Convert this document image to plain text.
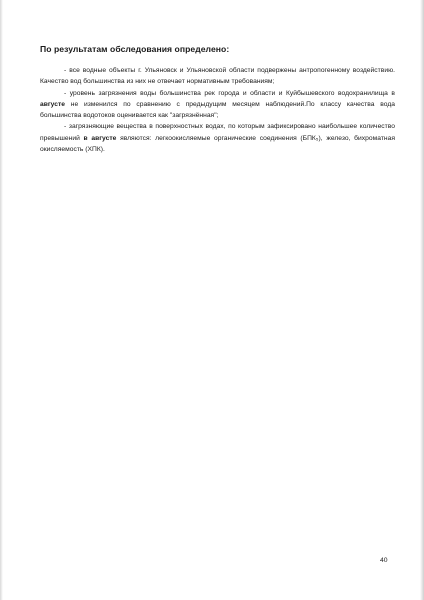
По результатам обследования определено:

- все водные объекты г. Ульяновск и Ульяновской области подвержены антропогенному воздействию. Качество вод большинства из них не отвечает нормативным требованиям;

- уровень загрязнения воды большинства рек города и области и Куйбышевского водохранилища в августе не изменился по сравнению с предыдущим месяцем наблюдений.По классу качества вода большинства водотоков оценивается как "загрязнённая";

- загрязняющие вещества в поверхностных водах, по которым зафиксировано наибольшее количество превышений в августе являются: легкоокисляемые органические соединения (БПК₅), железо, бихроматная окисляемость (ХПК).

40
